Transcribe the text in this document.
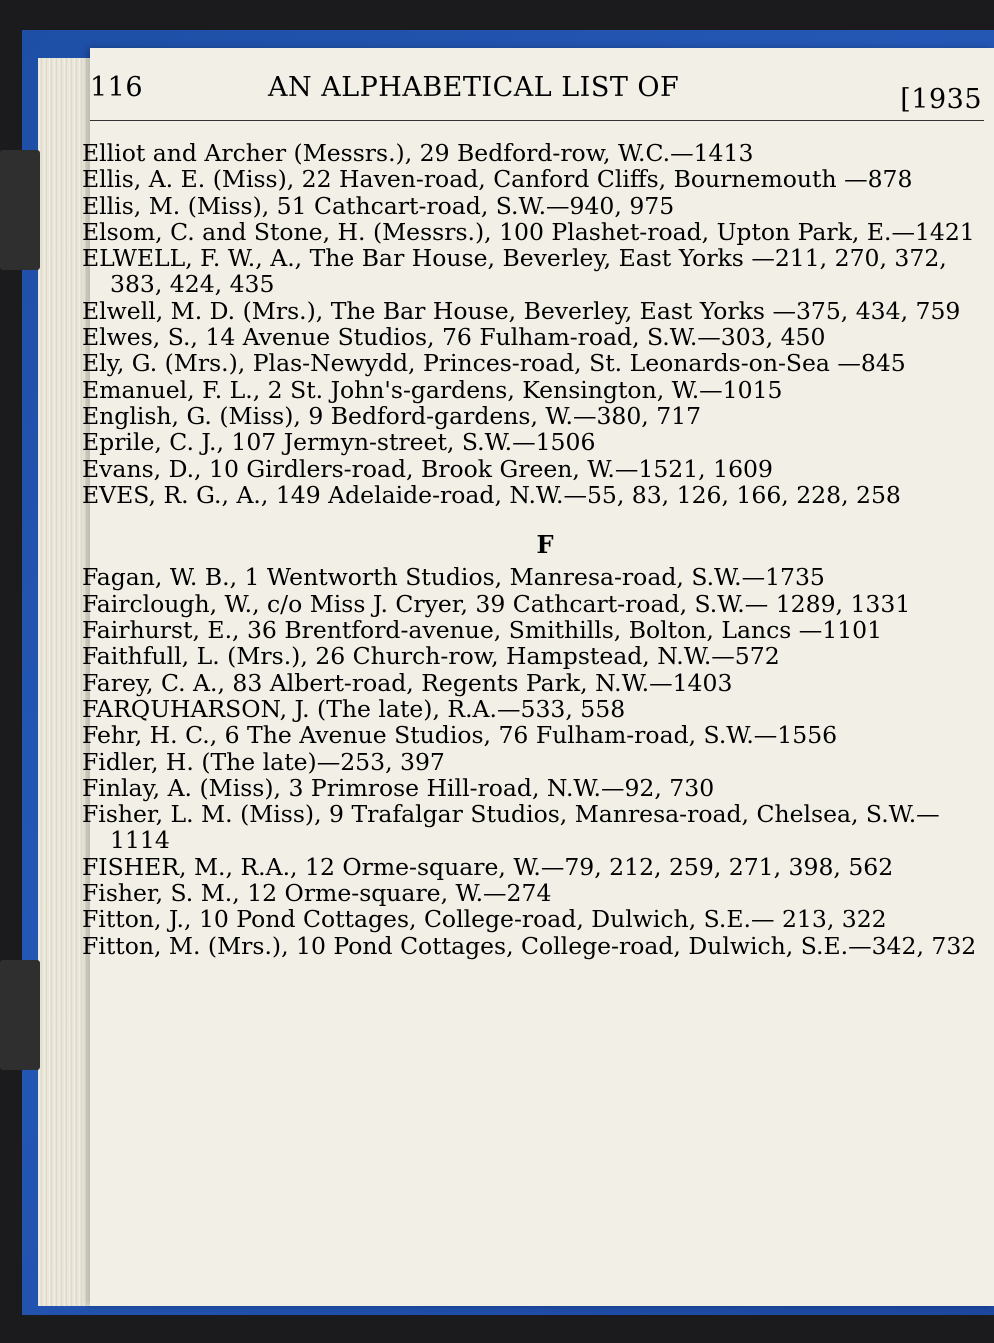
116	AN ALPHABETICAL LIST OF	[1935

Elliot and Archer (Messrs.), 29 Bedford-row, W.C.—1413

Ellis, A. E. (Miss), 22 Haven-road, Canford Cliffs, Bournemouth —878

Ellis, M. (Miss), 51 Cathcart-road, S.W.—940, 975

Elsom, C. and Stone, H. (Messrs.), 100 Plashet-road, Upton Park, E.—1421

ELWELL, F. W., A., The Bar House, Beverley, East Yorks —211, 270, 372, 383, 424, 435

Elwell, M. D. (Mrs.), The Bar House, Beverley, East Yorks —375, 434, 759

Elwes, S., 14 Avenue Studios, 76 Fulham-road, S.W.—303, 450

Ely, G. (Mrs.), Plas-Newydd, Princes-road, St. Leonards-on-Sea —845

Emanuel, F. L., 2 St. John's-gardens, Kensington, W.—1015

English, G. (Miss), 9 Bedford-gardens, W.—380, 717

Eprile, C. J., 107 Jermyn-street, S.W.—1506

Evans, D., 10 Girdlers-road, Brook Green, W.—1521, 1609

EVES, R. G., A., 149 Adelaide-road, N.W.—55, 83, 126, 166, 228, 258

F

Fagan, W. B., 1 Wentworth Studios, Manresa-road, S.W.—1735

Fairclough, W., c/o Miss J. Cryer, 39 Cathcart-road, S.W.— 1289, 1331

Fairhurst, E., 36 Brentford-avenue, Smithills, Bolton, Lancs —1101

Faithfull, L. (Mrs.), 26 Church-row, Hampstead, N.W.—572

Farey, C. A., 83 Albert-road, Regents Park, N.W.—1403

FARQUHARSON, J. (The late), R.A.—533, 558

Fehr, H. C., 6 The Avenue Studios, 76 Fulham-road, S.W.—1556

Fidler, H. (The late)—253, 397

Finlay, A. (Miss), 3 Primrose Hill-road, N.W.—92, 730

Fisher, L. M. (Miss), 9 Trafalgar Studios, Manresa-road, Chelsea, S.W.—1114

FISHER, M., R.A., 12 Orme-square, W.—79, 212, 259, 271, 398, 562

Fisher, S. M., 12 Orme-square, W.—274

Fitton, J., 10 Pond Cottages, College-road, Dulwich, S.E.— 213, 322

Fitton, M. (Mrs.), 10 Pond Cottages, College-road, Dulwich, S.E.—342, 732
